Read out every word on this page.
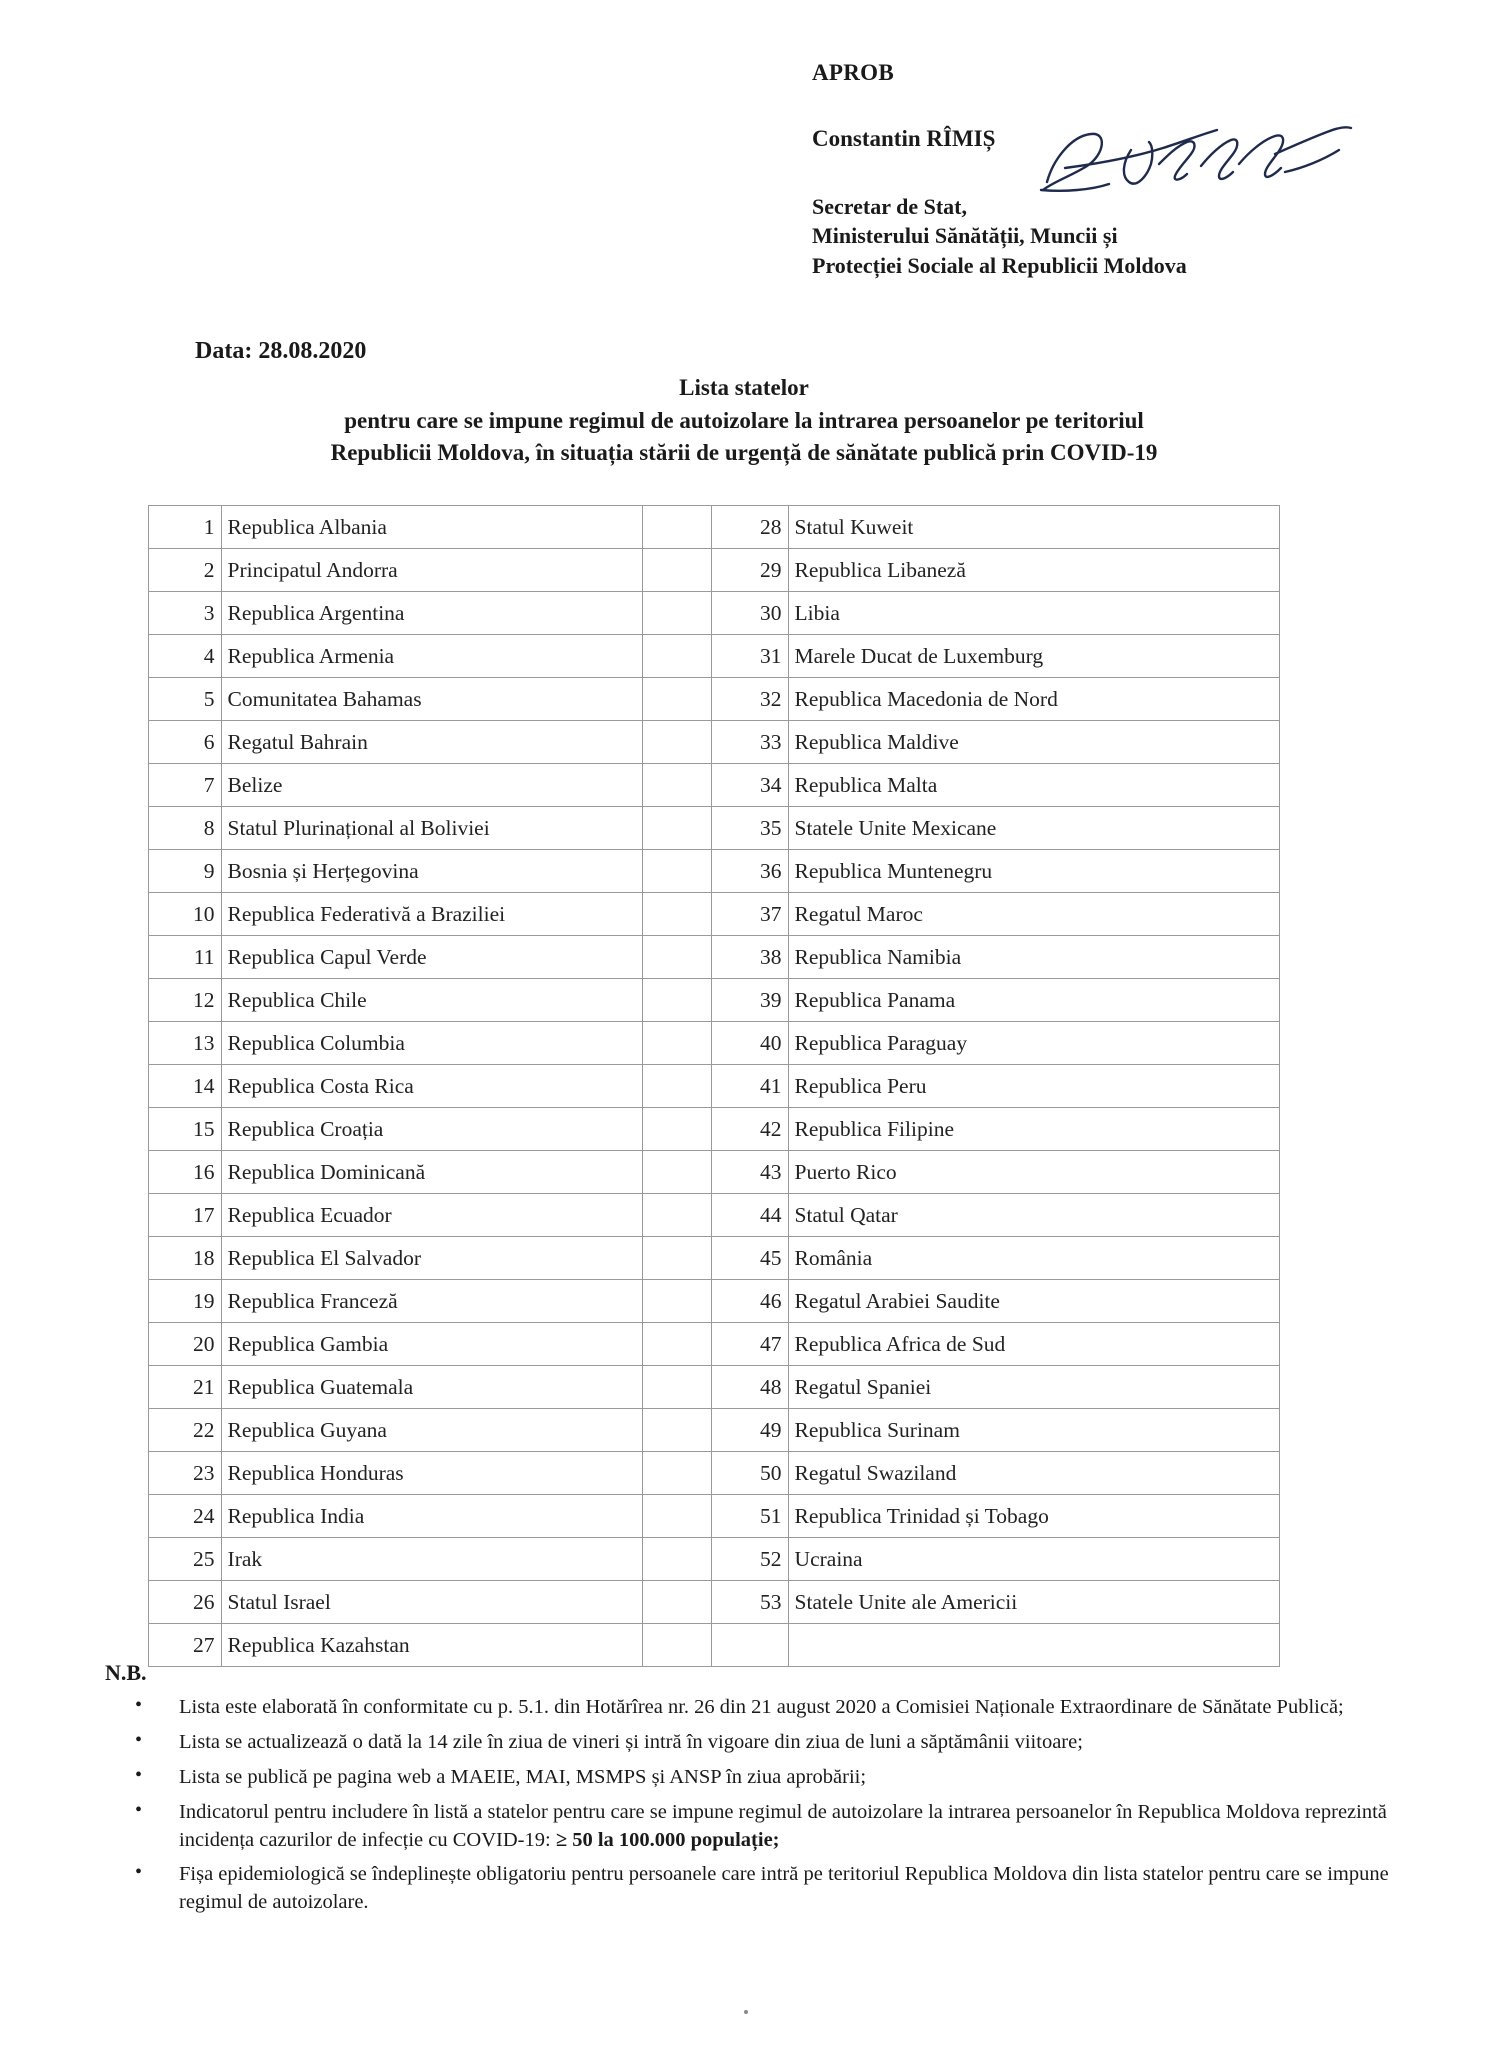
APROB
Constantin RÎMIȘ
Secretar de Stat,
Ministerului Sănătății, Muncii și
Protecției Sociale al Republicii Moldova
Data: 28.08.2020
Lista statelor
pentru care se impune regimul de autoizolare la intrarea persoanelor pe teritoriul
Republicii Moldova, în situația stării de urgență de sănătate publică prin COVID-19
1	Republica Albania		28	Statul Kuweit
2	Principatul Andorra		29	Republica Libaneză
3	Republica Argentina		30	Libia
4	Republica Armenia		31	Marele Ducat de Luxemburg
5	Comunitatea Bahamas		32	Republica Macedonia de Nord
6	Regatul Bahrain		33	Republica Maldive
7	Belize		34	Republica Malta
8	Statul Plurinațional al Boliviei		35	Statele Unite Mexicane
9	Bosnia și Herțegovina		36	Republica Muntenegru
10	Republica Federativă a Braziliei		37	Regatul Maroc
11	Republica Capul Verde		38	Republica Namibia
12	Republica Chile		39	Republica Panama
13	Republica Columbia		40	Republica Paraguay
14	Republica Costa Rica		41	Republica Peru
15	Republica Croația		42	Republica Filipine
16	Republica Dominicană		43	Puerto Rico
17	Republica Ecuador		44	Statul Qatar
18	Republica El Salvador		45	România
19	Republica Franceză		46	Regatul Arabiei Saudite
20	Republica Gambia		47	Republica Africa de Sud
21	Republica Guatemala		48	Regatul Spaniei
22	Republica Guyana		49	Republica Surinam
23	Republica Honduras		50	Regatul Swaziland
24	Republica India		51	Republica Trinidad și Tobago
25	Irak		52	Ucraina
26	Statul Israel		53	Statele Unite ale Americii
27	Republica Kazahstan			
N.B.
• Lista este elaborată în conformitate cu p. 5.1. din Hotărîrea nr. 26 din 21 august 2020 a Comisiei Naționale Extraordinare de Sănătate Publică;
• Lista se actualizează o dată la 14 zile în ziua de vineri și intră în vigoare din ziua de luni a săptămânii viitoare;
• Lista se publică pe pagina web a MAEIE, MAI, MSMPS și ANSP în ziua aprobării;
• Indicatorul pentru includere în listă a statelor pentru care se impune regimul de autoizolare la intrarea persoanelor în Republica Moldova reprezintă incidența cazurilor de infecție cu COVID-19: ≥ 50 la 100.000 populație;
• Fișa epidemiologică se îndeplinește obligatoriu pentru persoanele care intră pe teritoriul Republica Moldova din lista statelor pentru care se impune regimul de autoizolare.
